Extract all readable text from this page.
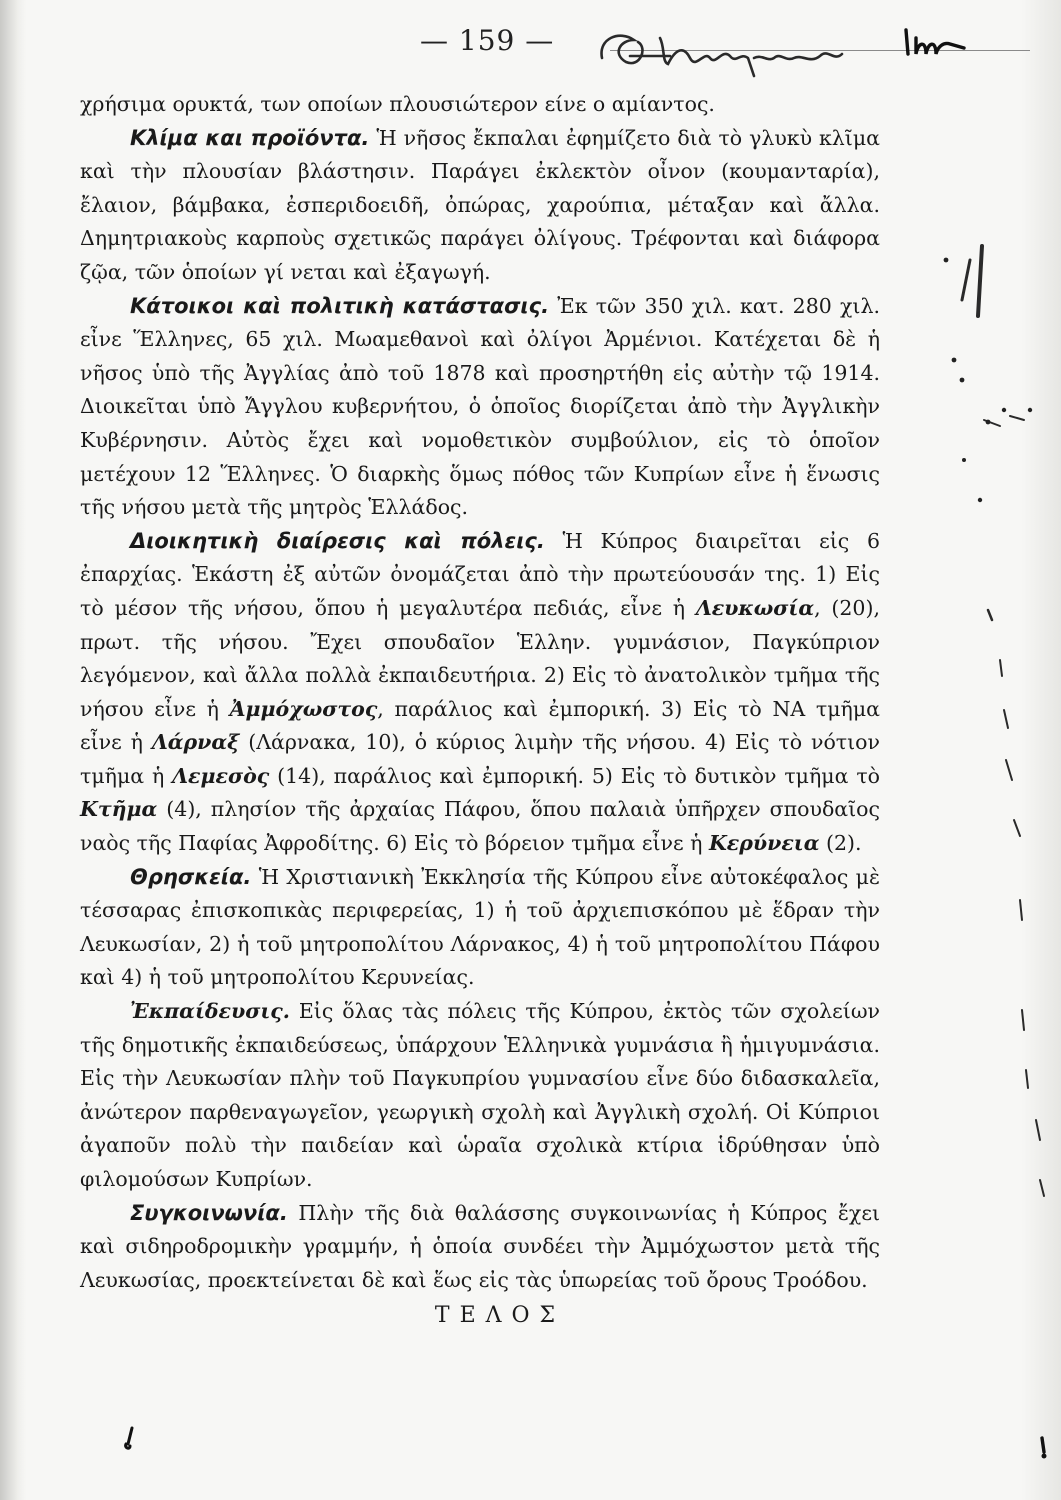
— 159 —

χρήσιμα ορυκτά, των οποίων πλουσιώτερον είνε ο αμίαντος.

Κλίμα και προϊόντα. Ἡ νῆσος ἔκπαλαι ἐφημίζετο διὰ τὸ γλυκὺ κλῖμα καὶ τὴν πλουσίαν βλάστησιν. Παράγει ἐκλεκτὸν οἶνον (κουμανταρία), ἔλαιον, βάμβακα, ἐσπεριδοειδῆ, ὀπώρας, χαρούπια, μέταξαν καὶ ἄλλα. Δημητριακοὺς καρποὺς σχετικῶς παράγει ὀλίγους. Τρέφονται καὶ διάφορα ζῷα, τῶν ὁποίων γί νεται καὶ ἐξαγωγή.

Κάτοικοι καὶ πολιτικὴ κατάστασις. Ἐκ τῶν 350 χιλ. κατ. 280 χιλ. εἶνε Ἕλληνες, 65 χιλ. Μωαμεθανοὶ καὶ ὀλίγοι Ἀρμένιοι. Κατέχεται δὲ ἡ νῆσος ὑπὸ τῆς Ἀγγλίας ἀπὸ τοῦ 1878 καὶ προσηρτήθη εἰς αὐτὴν τῷ 1914. Διοικεῖται ὑπὸ Ἄγγλου κυβερνήτου, ὁ ὁποῖος διορίζεται ἀπὸ τὴν Ἀγγλικὴν Κυβέρνησιν. Αὐτὸς ἔχει καὶ νομοθετικὸν συμβούλιον, εἰς τὸ ὁποῖον μετέχουν 12 Ἕλληνες. Ὁ διαρκὴς ὅμως πόθος τῶν Κυπρίων εἶνε ἡ ἕνωσις τῆς νήσου μετὰ τῆς μητρὸς Ἑλλάδος.

Διοικητικὴ διαίρεσις καὶ πόλεις. Ἡ Κύπρος διαιρεῖται εἰς 6 ἐπαρχίας. Ἑκάστη ἐξ αὐτῶν ὀνομάζεται ἀπὸ τὴν πρωτεύουσάν της. 1) Εἰς τὸ μέσον τῆς νήσου, ὅπου ἡ μεγαλυτέρα πεδιάς, εἶνε ἡ Λευκωσία, (20), πρωτ. τῆς νήσου. Ἔχει σπουδαῖον Ἑλλην. γυμνάσιον, Παγκύπριον λεγόμενον, καὶ ἄλλα πολλὰ ἐκπαιδευτήρια. 2) Εἰς τὸ ἀνατολικὸν τμῆμα τῆς νήσου εἶνε ἡ Ἀμμόχωστος, παράλιος καὶ ἐμπορική. 3) Εἰς τὸ ΝΑ τμῆμα εἶνε ἡ Λάρναξ (Λάρνακα, 10), ὁ κύριος λιμὴν τῆς νήσου. 4) Εἰς τὸ νότιον τμῆμα ἡ Λεμεσὸς (14), παράλιος καὶ ἐμπορική. 5) Εἰς τὸ δυτικὸν τμῆμα τὸ Κτῆμα (4), πλησίον τῆς ἀρχαίας Πάφου, ὅπου παλαιὰ ὑπῆρχεν σπουδαῖος ναὸς τῆς Παφίας Ἀφροδίτης. 6) Εἰς τὸ βόρειον τμῆμα εἶνε ἡ Κερύνεια (2).

Θρησκεία. Ἡ Χριστιανικὴ Ἐκκλησία τῆς Κύπρου εἶνε αὐτοκέφαλος μὲ τέσσαρας ἐπισκοπικὰς περιφερείας, 1) ἡ τοῦ ἀρχιεπισκόπου μὲ ἕδραν τὴν Λευκωσίαν, 2) ἡ τοῦ μητροπολίτου Λάρνακος, 4) ἡ τοῦ μητροπολίτου Πάφου καὶ 4) ἡ τοῦ μητροπολίτου Κερυνείας.

Ἐκπαίδευσις. Εἰς ὅλας τὰς πόλεις τῆς Κύπρου, ἐκτὸς τῶν σχολείων τῆς δημοτικῆς ἐκπαιδεύσεως, ὑπάρχουν Ἑλληνικὰ γυμνάσια ἢ ἡμιγυμνάσια. Εἰς τὴν Λευκωσίαν πλὴν τοῦ Παγκυπρίου γυμνασίου εἶνε δύο διδασκαλεῖα, ἀνώτερον παρθεναγωγεῖον, γεωργικὴ σχολὴ καὶ Ἀγγλικὴ σχολή. Οἱ Κύπριοι ἀγαποῦν πολὺ τὴν παιδείαν καὶ ὡραῖα σχολικὰ κτίρια ἱδρύθησαν ὑπὸ φιλομούσων Κυπρίων.

Συγκοινωνία. Πλὴν τῆς διὰ θαλάσσης συγκοινωνίας ἡ Κύπρος ἔχει καὶ σιδηροδρομικὴν γραμμήν, ἡ ὁποία συνδέει τὴν Ἀμμόχωστον μετὰ τῆς Λευκωσίας, προεκτείνεται δὲ καὶ ἕως εἰς τὰς ὑπωρείας τοῦ ὄρους Τροόδου.

ΤΕΛΟΣ
